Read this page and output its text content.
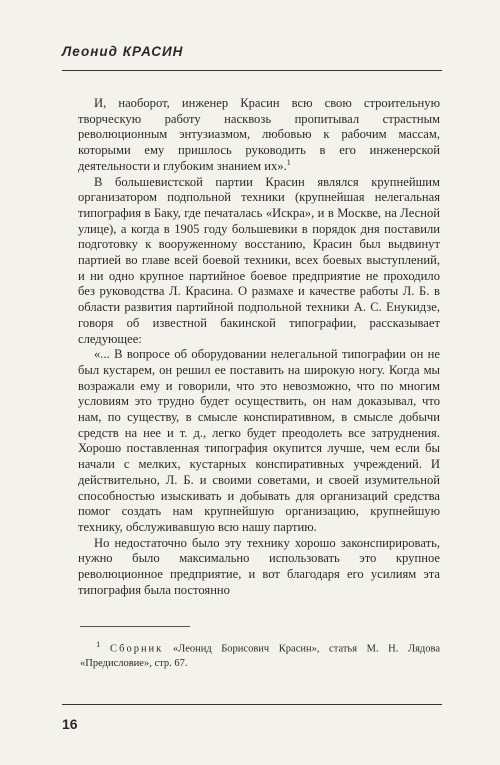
Леонид КРАСИН

И, наоборот, инженер Красин всю свою строительную творческую работу насквозь пропитывал страстным революционным энтузиазмом, любовью к рабочим массам, которыми ему пришлось руководить в его инженерской деятельности и глубоким знанием их».$^1$

В большевистской партии Красин являлся крупнейшим организатором подпольной техники (крупнейшая нелегальная типография в Баку, где печаталась «Искра», и в Москве, на Лесной улице), а когда в 1905 году большевики в порядок дня поставили подготовку к вооруженному восстанию, Красин был выдвинут партией во главе всей боевой техники, всех боевых выступлений, и ни одно крупное партийное боевое предприятие не проходило без руководства Л. Красина. О размахе и качестве работы Л. Б. в области развития партийной подпольной техники А. С. Енукидзе, говоря об известной бакинской типографии, рассказывает следующее:

«... В вопросе об оборудовании нелегальной типографии он не был кустарем, он решил ее поставить на широкую ногу. Когда мы возражали ему и говорили, что это невозможно, что по многим условиям это трудно будет осуществить, он нам доказывал, что нам, по существу, в смысле конспиративном, в смысле добычи средств на нее и т. д., легко будет преодолеть все затруднения. Хорошо поставленная типография окупится лучше, чем если бы начали с мелких, кустарных конспиративных учреждений. И действительно, Л. Б. и своими советами, и своей изумительной способностью изыскивать и добывать для организаций средства помог создать нам крупнейшую организацию, крупнейшую технику, обслуживавшую всю нашу партию.

Но недостаточно было эту технику хорошо законспирировать, нужно было максимально использовать это крупное революционное предприятие, и вот благодаря его усилиям эта типография была постоянно

$^1$ Сборник «Леонид Борисович Красин», статья М. Н. Лядова «Предисловие», стр. 67.
16
